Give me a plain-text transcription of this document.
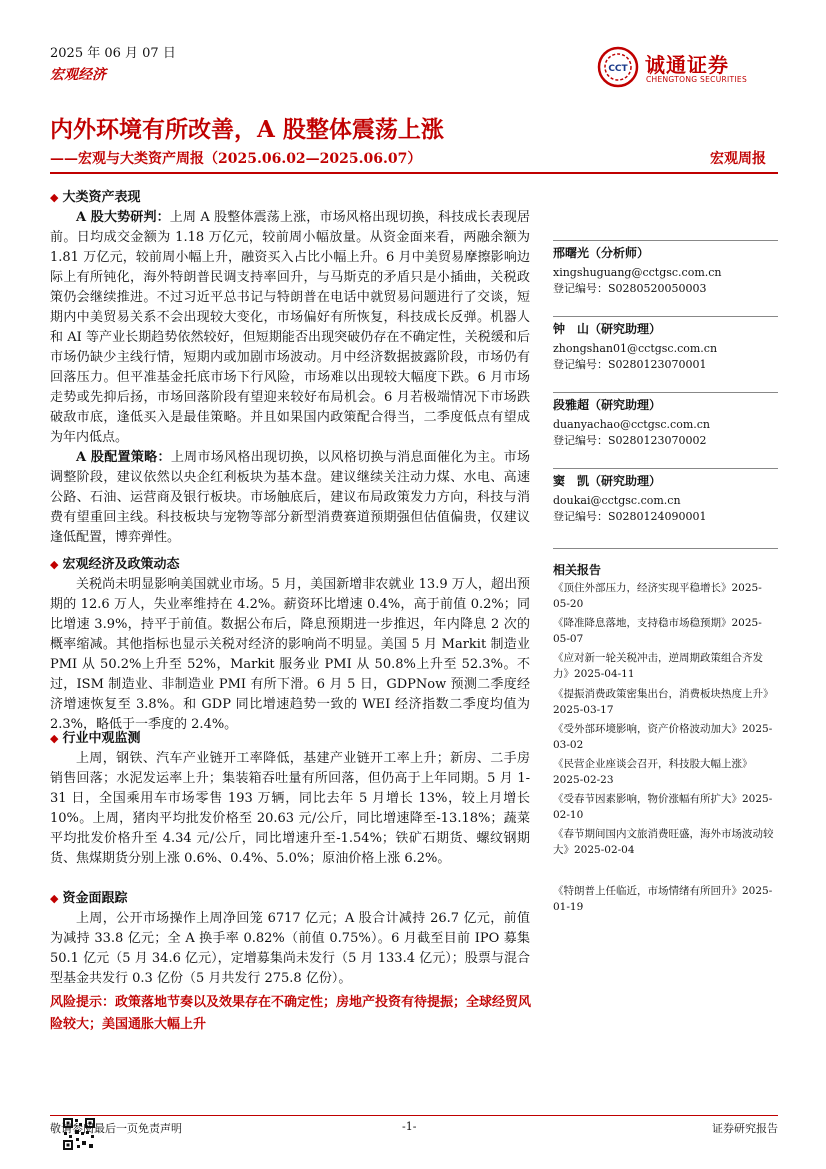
2025 年 06 月 07 日
宏观经济	CCT 诚通证券
CHENGTONG SECURITIES
内外环境有所改善，A 股整体震荡上涨
——宏观与大类资产周报（2025.06.02—2025.06.07）	宏观周报
◆ 大类资产表现
A 股大势研判：上周 A 股整体震荡上涨，市场风格出现切换，科技成长表现居前。日均成交金额为 1.18 万亿元，较前周小幅放量。从资金面来看，两融余额为 1.81 万亿元，较前周小幅上升，融资买入占比小幅上升。6 月中美贸易摩擦影响边际上有所钝化，海外特朗普民调支持率回升，与马斯克的矛盾只是小插曲，关税政策仍会继续推进。不过习近平总书记与特朗普在电话中就贸易问题进行了交谈，短期内中美贸易关系不会出现较大变化，市场偏好有所恢复，科技成长反弹。机器人和 AI 等产业长期趋势依然较好，但短期能否出现突破仍存在不确定性，关税缓和后市场仍缺少主线行情，短期内或加剧市场波动。月中经济数据披露阶段，市场仍有回落压力。但平准基金托底市场下行风险，市场难以出现较大幅度下跌。6 月市场走势或先抑后扬，市场回落阶段有望迎来较好布局机会。6 月若极端情况下市场跌破敌市底，逢低买入是最佳策略。并且如果国内政策配合得当，二季度低点有望成为年内低点。
A 股配置策略：上周市场风格出现切换，以风格切换与消息面催化为主。市场调整阶段，建议依然以央企红利板块为基本盘。建议继续关注动力煤、水电、高速公路、石油、运营商及银行板块。市场触底后，建议布局政策发力方向，科技与消费有望重回主线。科技板块与宠物等部分新型消费赛道预期强但估值偏贵，仅建议逢低配置，博弈弹性。
◆ 宏观经济及政策动态
关税尚未明显影响美国就业市场。5 月，美国新增非农就业 13.9 万人，超出预期的 12.6 万人，失业率维持在 4.2%。薪资环比增速 0.4%，高于前值 0.2%；同比增速 3.9%，持平于前值。数据公布后，降息预期进一步推迟，年内降息 2 次的概率缩减。其他指标也显示关税对经济的影响尚不明显。美国 5 月 Markit 制造业 PMI 从 50.2%上升至 52%，Markit 服务业 PMI 从 50.8%上升至 52.3%。不过，ISM 制造业、非制造业 PMI 有所下滑。6 月 5 日，GDPNow 预测二季度经济增速恢复至 3.8%。和 GDP 同比增速趋势一致的 WEI 经济指数二季度均值为 2.3%，略低于一季度的 2.4%。
◆ 行业中观监测
上周，钢铁、汽车产业链开工率降低，基建产业链开工率上升；新房、二手房销售回落；水泥发运率上升；集装箱吞吐量有所回落，但仍高于上年同期。5 月 1-31 日，全国乘用车市场零售 193 万辆，同比去年 5 月增长 13%，较上月增长 10%。上周，猪肉平均批发价格至 20.63 元/公斤，同比增速降至-13.18%；蔬菜平均批发价格升至 4.34 元/公斤，同比增速升至-1.54%；铁矿石期货、螺纹钢期货、焦煤期货分别上涨 0.6%、0.4%、5.0%；原油价格上涨 6.2%。
◆ 资金面跟踪
上周，公开市场操作上周净回笼 6717 亿元；A 股合计减持 26.7 亿元，前值为减持 33.8 亿元；全 A 换手率 0.82%（前值 0.75%）。6 月截至目前 IPO 募集 50.1 亿元（5 月 34.6 亿元），定增募集尚未发行（5 月 133.4 亿元）；股票与混合型基金共发行 0.3 亿份（5 月共发行 275.8 亿份）。
风险提示：政策落地节奏以及效果存在不确定性；房地产投资有待提振；全球经贸风险较大；美国通胀大幅上升
邢曙光（分析师）
xingshuguang@cctgsc.com.cn
登记编号：S0280520050003
钟　山（研究助理）
zhongshan01@cctgsc.com.cn
登记编号：S0280123070001
段雅超（研究助理）
duanyachao@cctgsc.com.cn
登记编号：S0280123070002
窦　凯（研究助理）
doukai@cctgsc.com.cn
登记编号：S0280124090001
相关报告
《顶住外部压力，经济实现平稳增长》2025-05-20
《降准降息落地，支持稳市场稳预期》2025-05-07
《应对新一轮关税冲击，逆周期政策组合齐发力》2025-04-11
《提振消费政策密集出台，消费板块热度上升》2025-03-17
《受外部环境影响，资产价格波动加大》2025-03-02
《民营企业座谈会召开，科技股大幅上涨》2025-02-23
《受春节因素影响，物价涨幅有所扩大》2025-02-10
《春节期间国内文旅消费旺盛，海外市场波动较大》2025-02-04
《特朗普上任临近，市场情绪有所回升》2025-01-19
敬请参阅最后一页免责声明	-1-	证券研究报告
